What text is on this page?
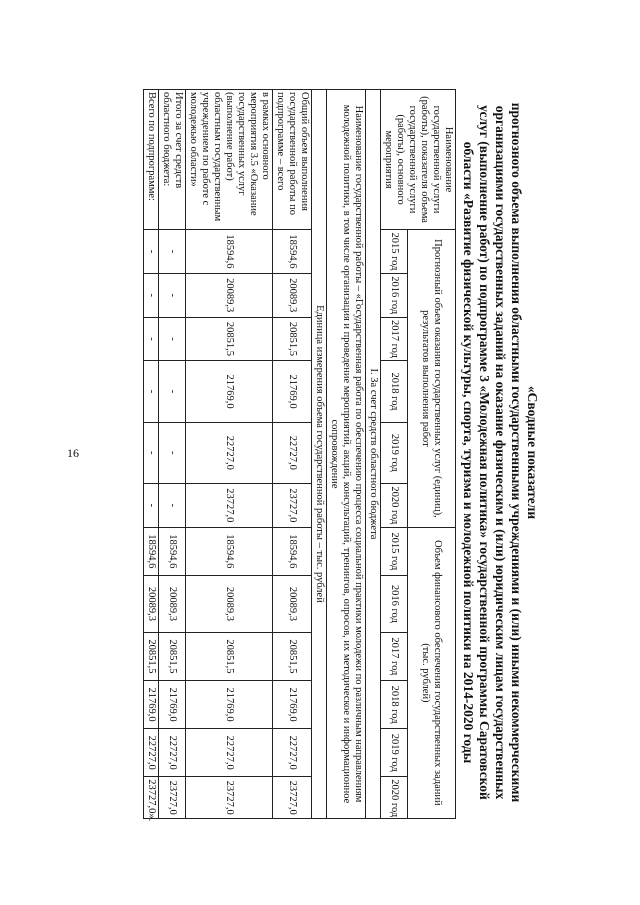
16	«Сводные показатели
прогнозного объема выполнения областными государственными учреждениями и (или) иными некоммерческими
организациями государственных заданий на оказание физическим и (или) юридическим лицам государственных
услуг (выполнение работ) по подпрограмме 3 «Молодежная политика» государственной программы Саратовской
области «Развитие физической культуры, спорта, туризма и молодежной политики на 2014-2020 годы
Наименование государственной услуги (работы), показателя объема государственной услуги (работы), основного мероприятия	Прогнозный объем оказания государственных услуг (единиц), результатов выполнения работ						Объем финансового обеспечения государственных заданий (тыс. рублей)					
	2015 год	2016 год	2017 год	2018 год	2019 год	2020 год	2015 год	2016 год	2017 год	2018 год	2019 год	2020 год
I. За счет средств областного бюджета												
Наименование государственной работы – «Государственная работа по обеспечению процесса социальной практики молодежи по различным направлениям молодежной политики, в том числе организация и проведение мероприятий, акций, консультаций, тренингов, опросов, их методическое и информационное сопровождение												
Единица измерения объема государственной работы – тыс. рублей												
Общий объем выполнения государственной работы по подпрограмме – всего	18594,6	20089,3	20851,5	21769,0	22727,0	23727,0	18594,6	20089,3	20851,5	21769,0	22727,0	23727,0
в рамках основного мероприятия 3.5 «Оказание государственных услуг (выполнение работ) областным государственным учреждением по работе с молодежью области»	18594,6	20089,3	20851,5	21769,0	22727,0	23727,0	18594,6	20089,3	20851,5	21769,0	22727,0	23727,0
Итого за счет средств областного бюджета:	-	-	-	-	-	-	18594,6	20089,3	20851,5	21769,0	22727,0	23727,0
Всего по подпрограмме:	-	-	-	-	-	-	18594,6	20089,3	20851,5	21769,0	22727,0	23727,0».
